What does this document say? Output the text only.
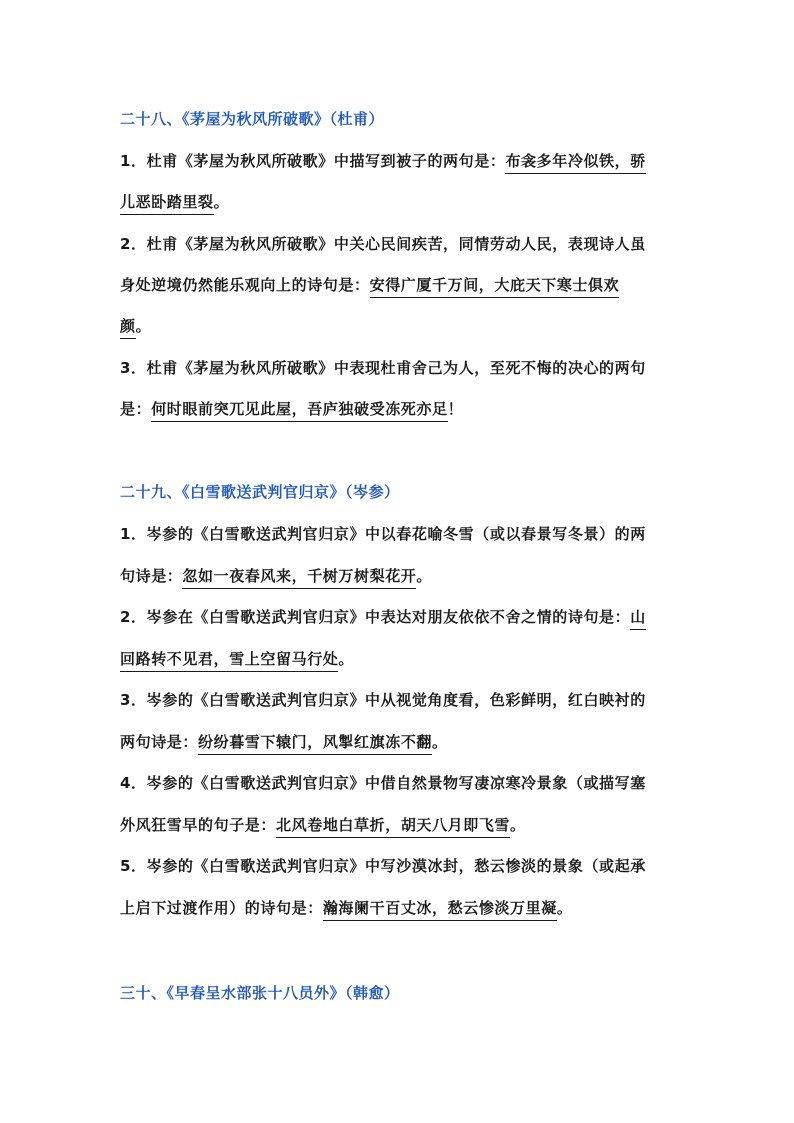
二十八、《茅屋为秋风所破歌》（杜甫）
1．杜甫《茅屋为秋风所破歌》中描写到被子的两句是：布衾多年冷似铁，骄
儿恶卧踏里裂。
2．杜甫《茅屋为秋风所破歌》中关心民间疾苦，同情劳动人民，表现诗人虽
身处逆境仍然能乐观向上的诗句是：安得广厦千万间，大庇天下寒士俱欢
颜。
3．杜甫《茅屋为秋风所破歌》中表现杜甫舍己为人，至死不悔的决心的两句
是：何时眼前突兀见此屋，吾庐独破受冻死亦足！
二十九、《白雪歌送武判官归京》（岑参）
1．岑参的《白雪歌送武判官归京》中以春花喻冬雪（或以春景写冬景）的两
句诗是：忽如一夜春风来，千树万树梨花开。
2．岑参在《白雪歌送武判官归京》中表达对朋友依依不舍之情的诗句是：山
回路转不见君，雪上空留马行处。
3．岑参的《白雪歌送武判官归京》中从视觉角度看，色彩鲜明，红白映衬的
两句诗是：纷纷暮雪下辕门，风掣红旗冻不翻。
4．岑参的《白雪歌送武判官归京》中借自然景物写凄凉寒冷景象（或描写塞
外风狂雪早的句子是：北风卷地白草折，胡天八月即飞雪。
5．岑参的《白雪歌送武判官归京》中写沙漠冰封，愁云惨淡的景象（或起承
上启下过渡作用）的诗句是：瀚海阑干百丈冰，愁云惨淡万里凝。
三十、《早春呈水部张十八员外》（韩愈）
